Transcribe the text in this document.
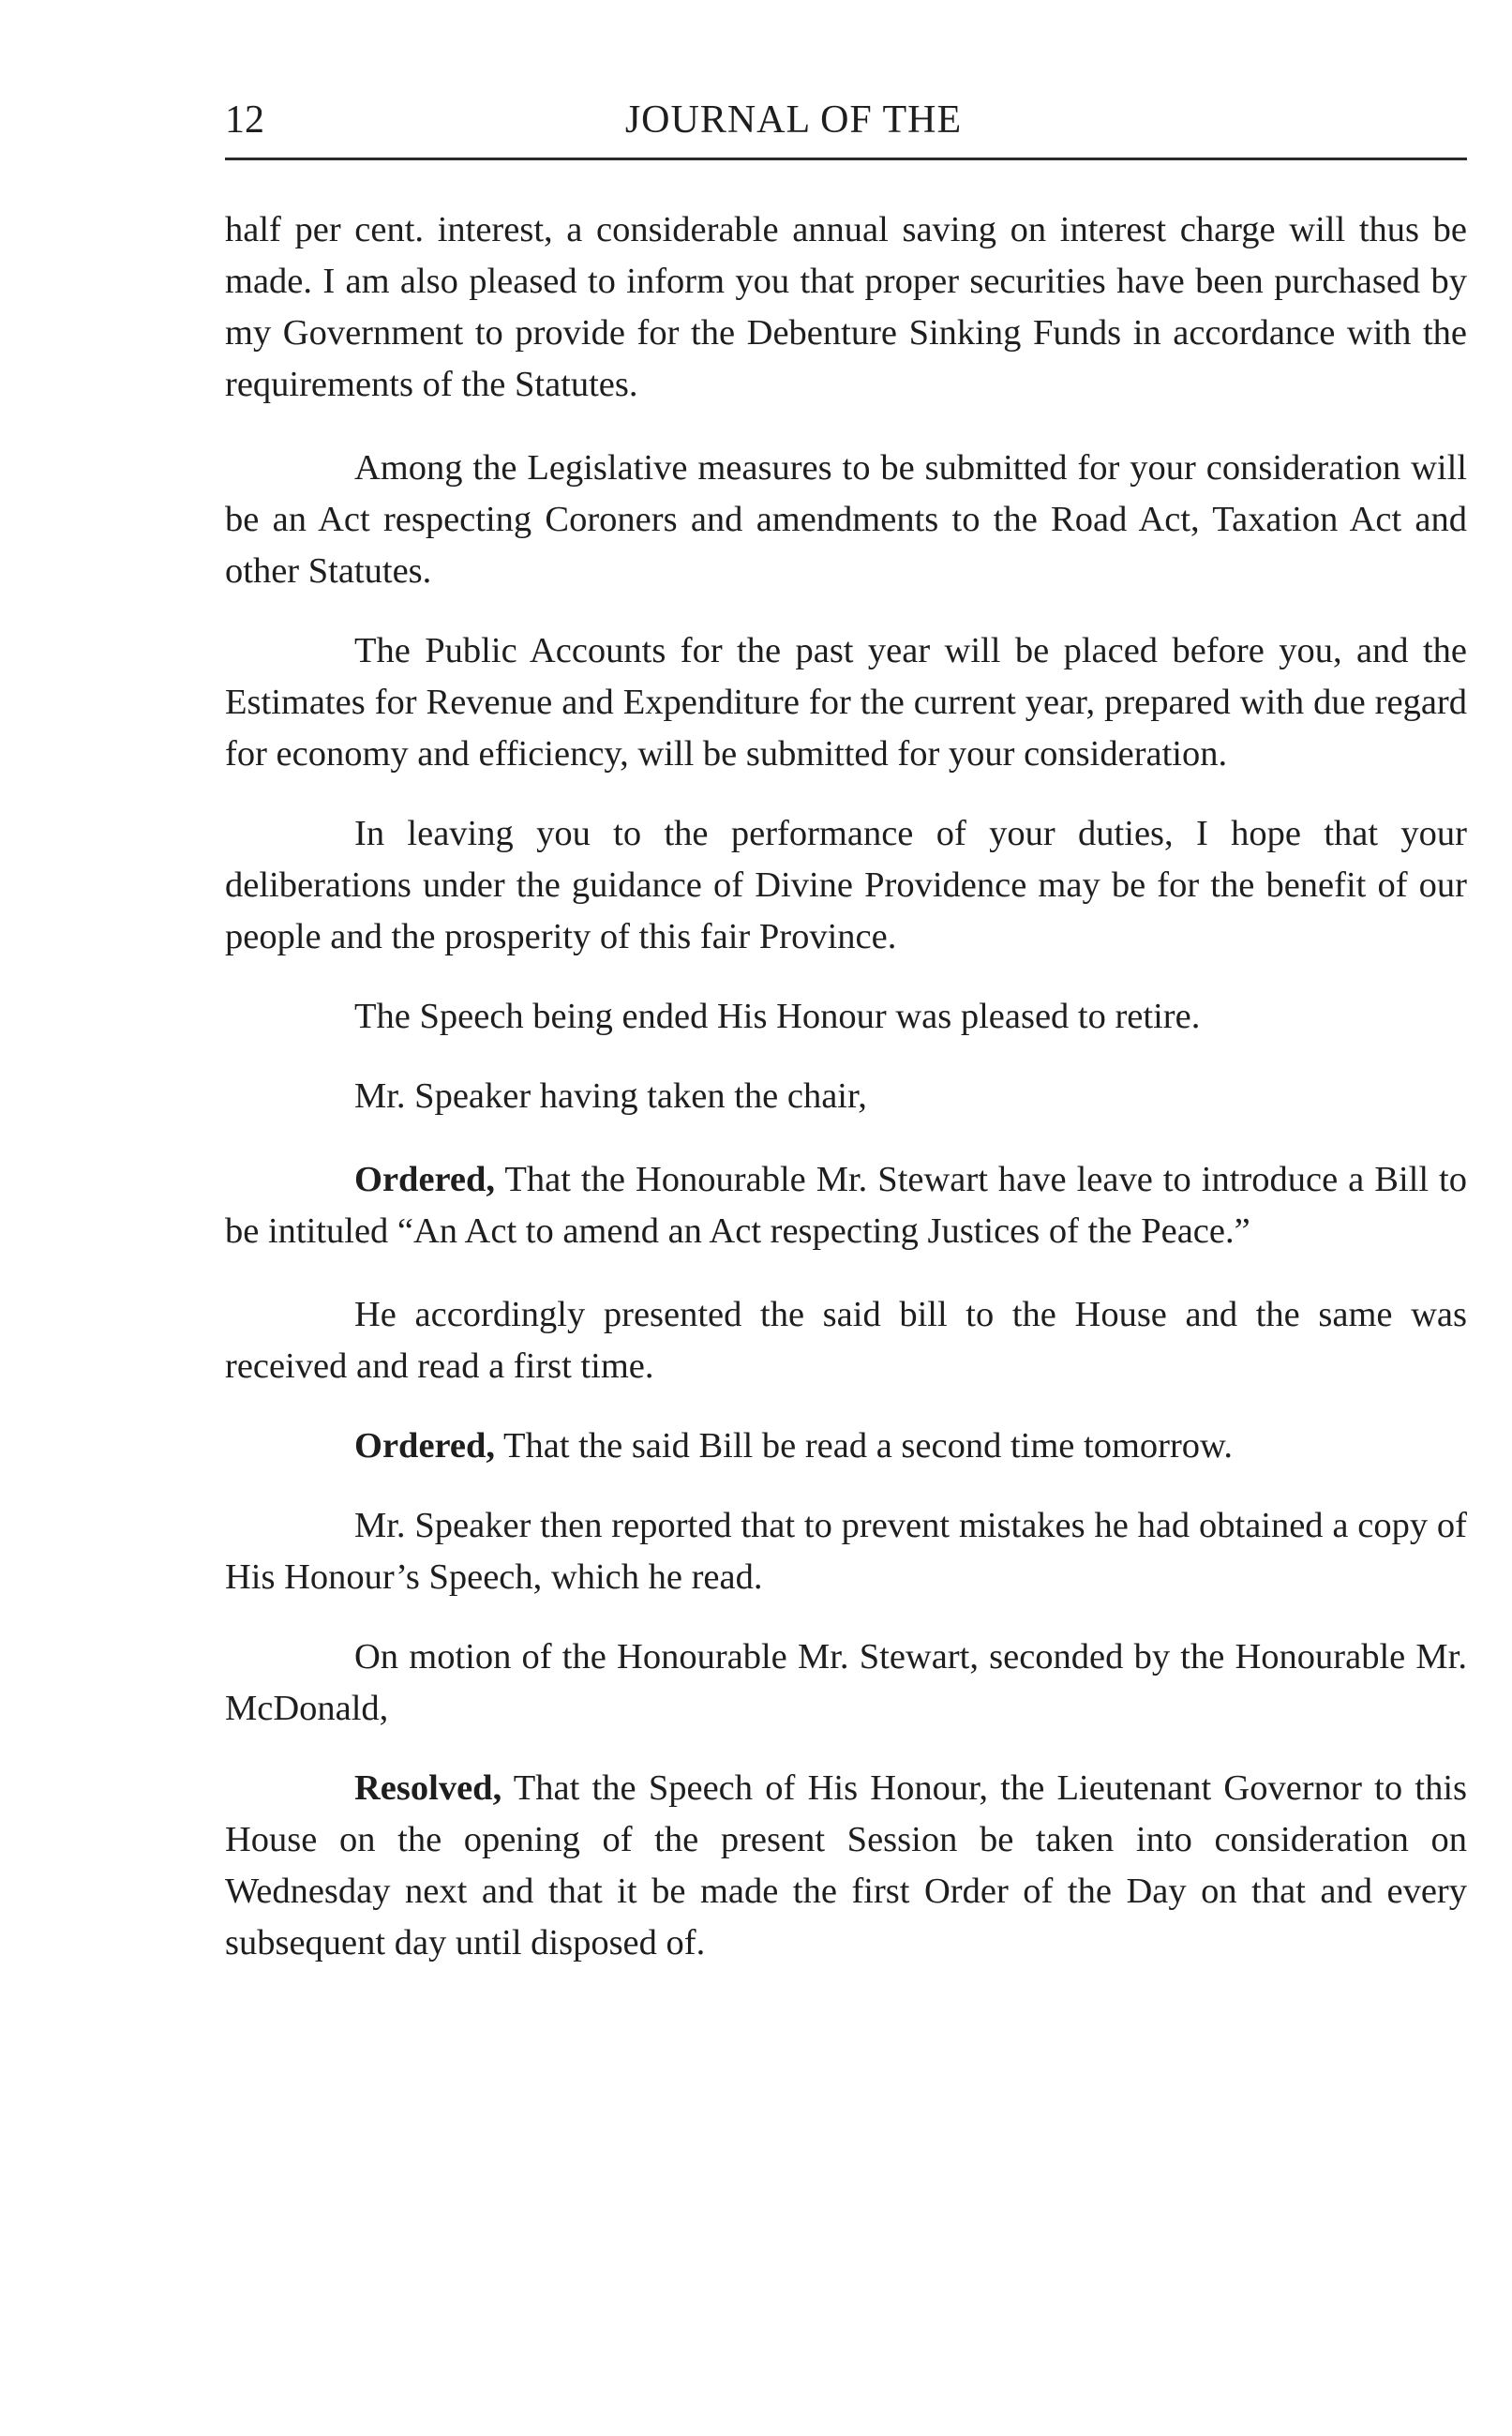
12	JOURNAL OF THE

half per cent. interest, a considerable annual saving on interest charge will thus be made. I am also pleased to inform you that proper securities have been purchased by my Government to provide for the Debenture Sinking Funds in accordance with the requirements of the Statutes.

Among the Legislative measures to be submitted for your consideration will be an Act respecting Coroners and amendments to the Road Act, Taxation Act and other Statutes.

The Public Accounts for the past year will be placed before you, and the Estimates for Revenue and Expenditure for the current year, prepared with due regard for economy and efficiency, will be submitted for your consideration.

In leaving you to the performance of your duties, I hope that your deliberations under the guidance of Divine Providence may be for the benefit of our people and the prosperity of this fair Province.

The Speech being ended His Honour was pleased to retire.

Mr. Speaker having taken the chair,

Ordered, That the Honourable Mr. Stewart have leave to introduce a Bill to be intituled “An Act to amend an Act respecting Justices of the Peace.”

He accordingly presented the said bill to the House and the same was received and read a first time.

Ordered, That the said Bill be read a second time tomorrow.

Mr. Speaker then reported that to prevent mistakes he had obtained a copy of His Honour’s Speech, which he read.

On motion of the Honourable Mr. Stewart, seconded by the Honourable Mr. McDonald,

Resolved, That the Speech of His Honour, the Lieutenant Governor to this House on the opening of the present Session be taken into consideration on Wednesday next and that it be made the first Order of the Day on that and every subsequent day until disposed of.
